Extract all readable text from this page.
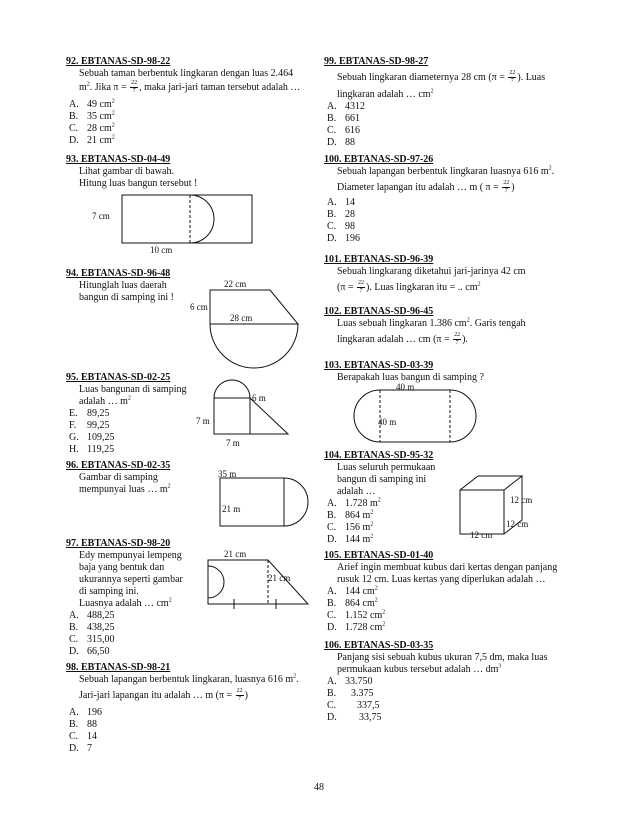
92. EBTANAS-SD-98-22
Sebuah taman berbentuk lingkaran dengan luas 2.464
$m^2$. Jika $\pi = \frac{22}{7}$ , maka jari-jari taman tersebut adalah …
A. 49 $cm^2$
B. 35 $cm^2$
C. 28 $cm^2$
D. 21 $cm^2$
93. EBTANAS-SD-04-49
Lihat gambar di bawah.
Hitung luas bangun tersebut !
7 cm
10 cm
94. EBTANAS-SD-96-48
Hitunglah luas daerah
bangun di samping ini !
22 cm
6 cm
28 cm
95. EBTANAS-SD-02-25
Luas bangunan di samping
adalah … $m^2$
E. 89,25
F. 99,25
G. 109,25
H. 119,25
6 m
7 m
7 m
96. EBTANAS-SD-02-35
Gambar di samping
mempunyai luas … $m^2$
35 m
21 m
97. EBTANAS-SD-98-20
Edy mempunyai lempeng
baja yang bentuk dan
ukurannya seperti gambar
di samping ini.
Luasnya adalah … $cm^2$
A. 488,25
B. 438,25
C. 315,00
D. 66,50
21 cm
21 cm
98. EBTANAS-SD-98-21
Sebuah lapangan berbentuk lingkaran, luasnya 616 $m^2$.
Jari-jari lapangan itu adalah … m ($\pi = \frac{22}{7}$ )
A. 196
B. 88
C. 14
D. 7
99. EBTANAS-SD-98-27
Sebuah lingkaran diameternya 28 cm ($\pi = \frac{22}{7}$ ). Luas
lingkaran adalah … $cm^2$
A. 4312
B. 661
C. 616
D. 88
100. EBTANAS-SD-97-26
Sebuah lapangan berbentuk lingkaran luasnya 616 $m^2$.
Diameter lapangan itu adalah … m ( $\pi = \frac{22}{7}$ )
A. 14
B. 28
C. 98
D. 196
101. EBTANAS-SD-96-39
Sebuah lingkarang diketahui jari-jarinya 42 cm
($\pi = \frac{22}{7}$ ). Luas lingkaran itu = .. $cm^2$
102. EBTANAS-SD-96-45
Luas sebuah lingkaran 1.386 $cm^2$. Garis tengah
lingkaran adalah … cm ($\pi = \frac{22}{7}$ ).
103. EBTANAS-SD-03-39
Berapakah luas bangun di samping ?
40 m
40 m
104. EBTANAS-SD-95-32
Luas seluruh permukaan
bangun di samping ini
adalah …
A. 1.728 $m^2$
B. 864 $m^2$
C. 156 $m^2$
D. 144 $m^2$
12 cm
12 cm
12 cm
105. EBTANAS-SD-01-40
Arief ingin membuat kubus dari kertas dengan panjang
rusuk 12 cm. Luas kertas yang diperlukan adalah …
A. 144 $cm^2$
B. 864 $cm^2$
C. 1.152 $cm^2$
D. 1.728 $cm^2$
106. EBTANAS-SD-03-35
Panjang sisi sebuah kubus ukuran 7,5 dm, maka luas
permukaan kubus tersebut adalah … $dm^3$
A. 33.750
B. 3.375
C. 337,5
D. 33,75
48
